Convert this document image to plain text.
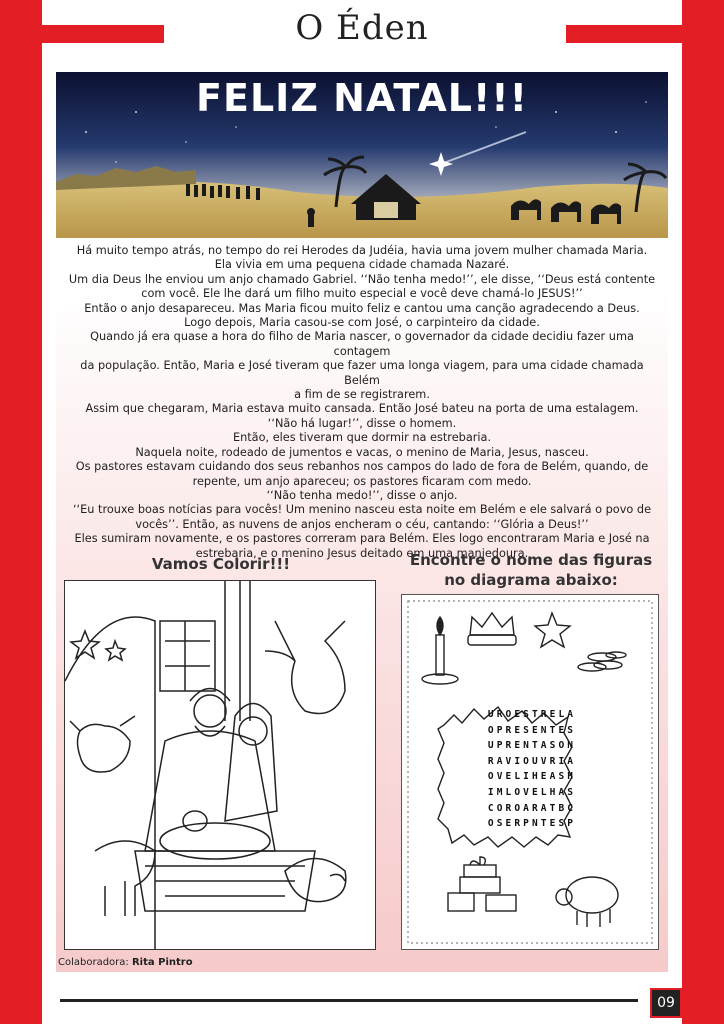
O Éden
FELIZ NATAL!!!

Há muito tempo atrás, no tempo do rei Herodes da Judéia, havia uma jovem mulher chamada Maria.

Ela vivia em uma pequena cidade chamada Nazaré.

Um dia Deus lhe enviou um anjo chamado Gabriel. ‘‘Não tenha medo!’’, ele disse, ‘‘Deus está contente

com você. Ele lhe dará um filho muito especial e você deve chamá-lo JESUS!’’

Então o anjo desapareceu. Mas Maria ficou muito feliz e cantou uma canção agradecendo a Deus.

Logo depois, Maria casou-se com José, o carpinteiro da cidade.

Quando já era quase a hora do filho de Maria nascer, o governador da cidade decidiu fazer uma contagem

da população. Então, Maria e José tiveram que fazer uma longa viagem, para uma cidade chamada Belém

a fim de se registrarem.

Assim que chegaram, Maria estava muito cansada. Então José bateu na porta de uma estalagem.

‘‘Não há lugar!’’, disse o homem.

Então, eles tiveram que dormir na estrebaria.

Naquela noite, rodeado de jumentos e vacas, o menino de Maria, Jesus, nasceu.

Os pastores estavam cuidando dos seus rebanhos nos campos do lado de fora de Belém, quando, de

repente, um anjo apareceu; os pastores ficaram com medo.

‘‘Não tenha medo!’’, disse o anjo.

‘‘Eu trouxe boas notícias para vocês! Um menino nasceu esta noite em Belém e ele salvará o povo de

vocês’’. Então, as nuvens de anjos encheram o céu, cantando: ‘‘Glória a Deus!’’

Eles sumiram novamente, e os pastores correram para Belém. Eles logo encontraram Maria e José na

estrebaria, e o menino Jesus deitado em uma manjedoura.

Vamos Colorir!!!	Encontre o nome das figuras
no diagrama abaixo:
UROESTRELA
OPRESENTES
UPRENTASON
RAVIOUVRIA
OVELIHEASH
IMLOVELHAS
COROARATBC
OSERPNTESP
Colaboradora: Rita Pintro
09
